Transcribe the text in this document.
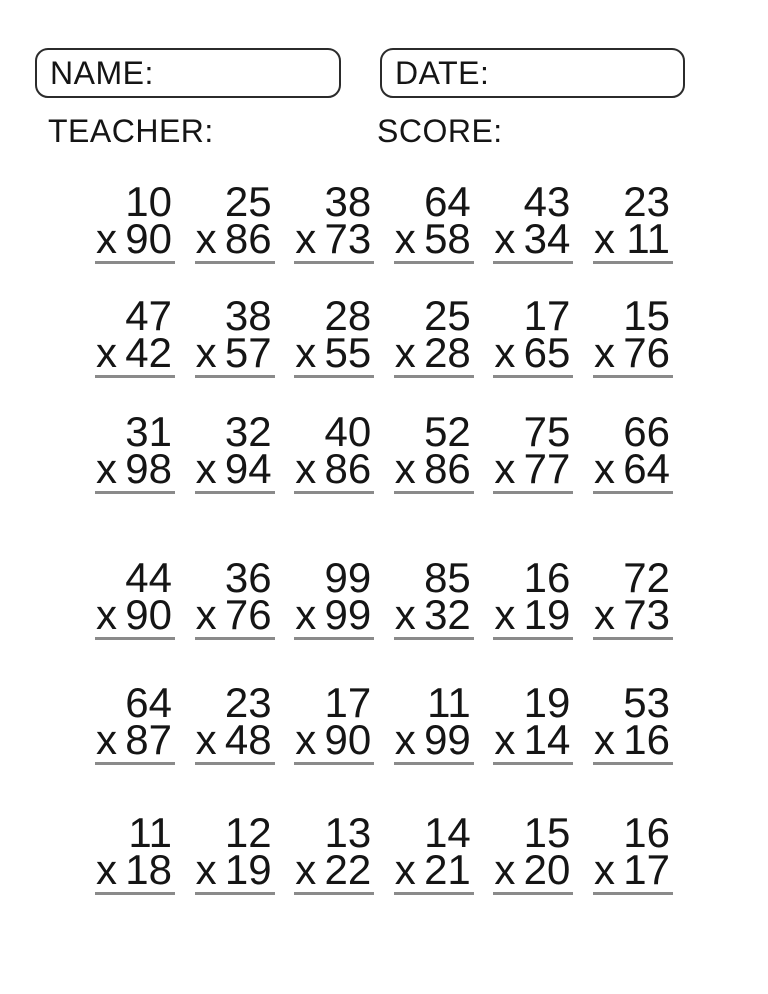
NAME:	DATE:
TEACHER:	SCORE:
10
x 90
25
x 86
38
x 73
64
x 58
43
x 34
23
x 11
47
x 42
38
x 57
28
x 55
25
x 28
17
x 65
15
x 76
31
x 98
32
x 94
40
x 86
52
x 86
75
x 77
66
x 64
44
x 90
36
x 76
99
x 99
85
x 32
16
x 19
72
x 73
64
x 87
23
x 48
17
x 90
11
x 99
19
x 14
53
x 16
11
x 18
12
x 19
13
x 22
14
x 21
15
x 20
16
x 17
